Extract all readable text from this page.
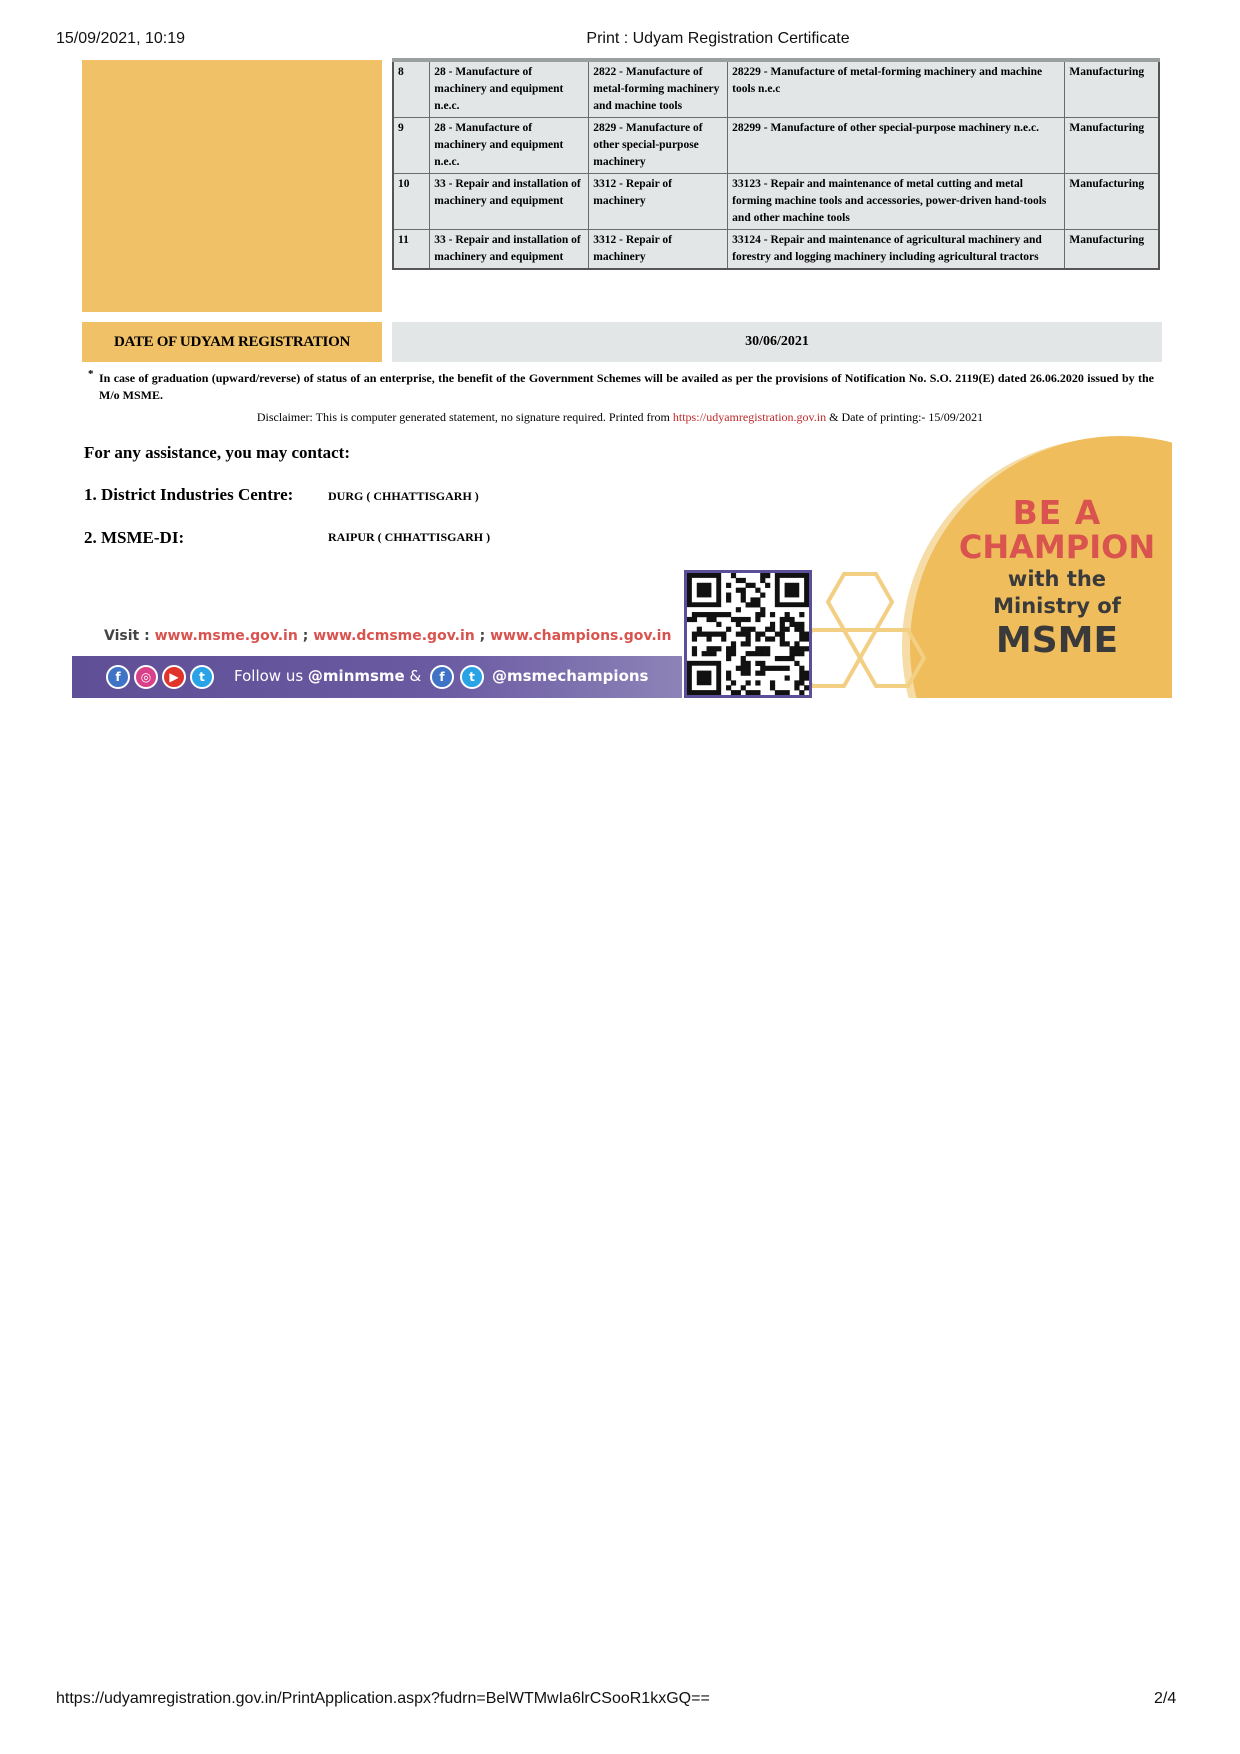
15/09/2021, 10:19	Print : Udyam Registration Certificate
8	28 - Manufacture of machinery and equipment n.e.c.	2822 - Manufacture of metal-forming machinery and machine tools	28229 - Manufacture of metal-forming machinery and machine tools n.e.c	Manufacturing
9	28 - Manufacture of machinery and equipment n.e.c.	2829 - Manufacture of other special-purpose machinery	28299 - Manufacture of other special-purpose machinery n.e.c.	Manufacturing
10	33 - Repair and installation of machinery and equipment	3312 - Repair of machinery	33123 - Repair and maintenance of metal cutting and metal forming machine tools and accessories, power-driven hand-tools and other machine tools	Manufacturing
11	33 - Repair and installation of machinery and equipment	3312 - Repair of machinery	33124 - Repair and maintenance of agricultural machinery and forestry and logging machinery including agricultural tractors	Manufacturing
DATE OF UDYAM REGISTRATION	30/06/2021
* In case of graduation (upward/reverse) of status of an enterprise, the benefit of the Government Schemes will be availed as per the provisions of Notification No. S.O. 2119(E) dated 26.06.2020 issued by the M/o MSME.
Disclaimer: This is computer generated statement, no signature required. Printed from https://udyamregistration.gov.in & Date of printing:- 15/09/2021
BE A
CHAMPION
with the
Ministry of
MSME
Visit : www.msme.gov.in ; www.dcmsme.gov.in ; www.champions.gov.in
f	◎	▶	t	Follow us @minmsme &	f	t	@msmechampions
For any assistance, you may contact:
1. District Industries Centre:	DURG ( CHHATTISGARH )
2. MSME-DI:	RAIPUR ( CHHATTISGARH )
https://udyamregistration.gov.in/PrintApplication.aspx?fudrn=BelWTMwIa6lrCSooR1kxGQ==	2/4
